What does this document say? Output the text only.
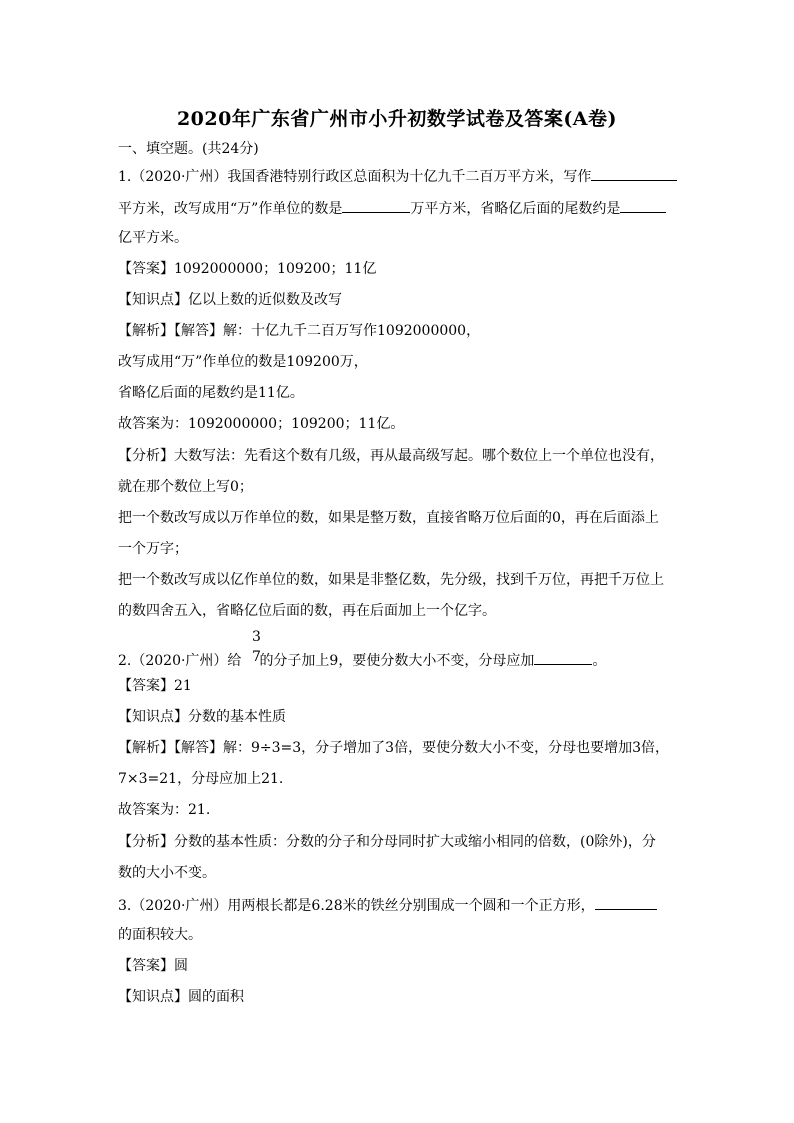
2020年广东省广州市小升初数学试卷及答案(A卷)
一、填空题。(共24分)
1.（2020·广州）我国香港特别行政区总面积为十亿九千二百万平方米，写作
平方米，改写成用“万”作单位的数是	万平方米，省略亿后面的尾数约是
亿平方米。
【答案】1092000000；109200；11亿
【知识点】亿以上数的近似数及改写
【解析】【解答】解：十亿九千二百万写作1092000000，
改写成用“万”作单位的数是109200万，
省略亿后面的尾数约是11亿。
故答案为：1092000000；109200；11亿。
【分析】大数写法：先看这个数有几级，再从最高级写起。哪个数位上一个单位也没有，
就在那个数位上写0；
把一个数改写成以万作单位的数，如果是整万数，直接省略万位后面的0，再在后面添上
一个万字；
把一个数改写成以亿作单位的数，如果是非整亿数，先分级，找到千万位，再把千万位上
的数四舍五入，省略亿位后面的数，再在后面加上一个亿字。
3
7
2.（2020·广州）给 的分子加上9，要使分数大小不变，分母应加	。
【答案】21
【知识点】分数的基本性质
【解析】【解答】解：9÷3=3，分子增加了3倍，要使分数大小不变，分母也要增加3倍，
7×3=21，分母应加上21.
故答案为：21.
【分析】分数的基本性质：分数的分子和分母同时扩大或缩小相同的倍数，(0除外)，分
数的大小不变。
3.（2020·广州）用两根长都是6.28米的铁丝分别围成一个圆和一个正方形，
的面积较大。
【答案】圆
【知识点】圆的面积
